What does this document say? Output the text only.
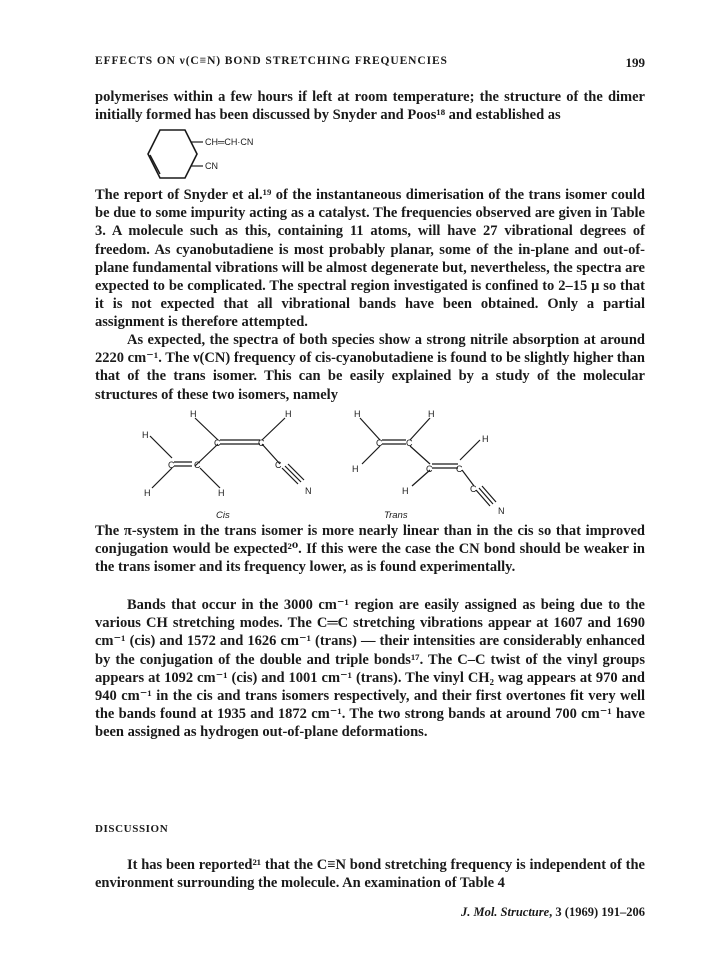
EFFECTS ON ν(C≡N) BOND STRETCHING FREQUENCIES	199

polymerises within a few hours if left at room temperature; the structure of the dimer initially formed has been discussed by Snyder and Poos¹⁸ and established as

CH═CH·CN
CN

The report of Snyder et al.¹⁹ of the instantaneous dimerisation of the trans isomer could be due to some impurity acting as a catalyst. The frequencies observed are given in Table 3. A molecule such as this, containing 11 atoms, will have 27 vibrational degrees of freedom. As cyanobutadiene is most probably planar, some of the in-plane and out-of-plane fundamental vibrations will be almost degenerate but, nevertheless, the spectra are expected to be complicated. The spectral region investigated is confined to 2–15 μ so that it is not expected that all vibrational bands have been obtained. Only a partial assignment is therefore attempted.

As expected, the spectra of both species show a strong nitrile absorption at around 2220 cm⁻¹. The ν(CN) frequency of cis-cyanobutadiene is found to be slightly higher than that of the trans isomer. This can be easily explained by a study of the molecular structures of these two isomers, namely

H	H
C	C
H
C C
H	H
C
N
H	H
C	C	H
H	C	C
H	C
N
Cis	Trans

The π-system in the trans isomer is more nearly linear than in the cis so that improved conjugation would be expected²⁰. If this were the case the CN bond should be weaker in the trans isomer and its frequency lower, as is found experimentally.

Bands that occur in the 3000 cm⁻¹ region are easily assigned as being due to the various CH stretching modes. The C═C stretching vibrations appear at 1607 and 1690 cm⁻¹ (cis) and 1572 and 1626 cm⁻¹ (trans) — their intensities are considerably enhanced by the conjugation of the double and triple bonds¹⁷. The C–C twist of the vinyl groups appears at 1092 cm⁻¹ (cis) and 1001 cm⁻¹ (trans). The vinyl CH₂ wag appears at 970 and 940 cm⁻¹ in the cis and trans isomers respectively, and their first overtones fit very well the bands found at 1935 and 1872 cm⁻¹. The two strong bands at around 700 cm⁻¹ have been assigned as hydrogen out-of-plane deformations.

DISCUSSION

It has been reported²¹ that the C≡N bond stretching frequency is independent of the environment surrounding the molecule. An examination of Table 4

J. Mol. Structure, 3 (1969) 191–206
